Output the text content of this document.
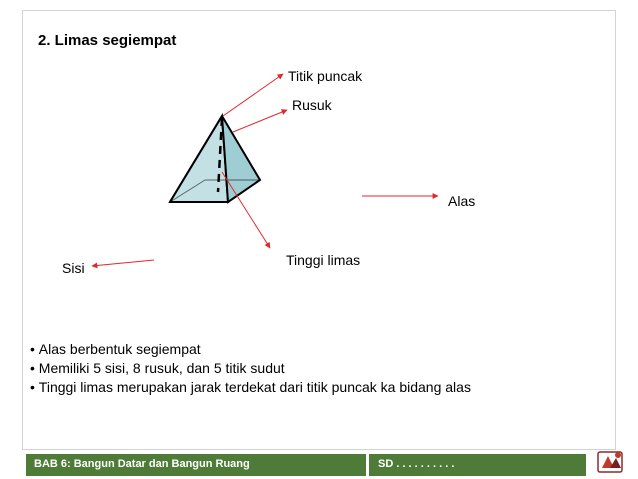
2. Limas segiempat
Titik puncak
Rusuk
Alas
Tinggi limas
Sisi
• Alas berbentuk segiempat
• Memiliki 5 sisi, 8 rusuk, dan 5 titik sudut
• Tinggi limas merupakan jarak terdekat dari titik puncak ka bidang alas
BAB 6: Bangun Datar dan Bangun Ruang	SD . . . . . . . . . .
